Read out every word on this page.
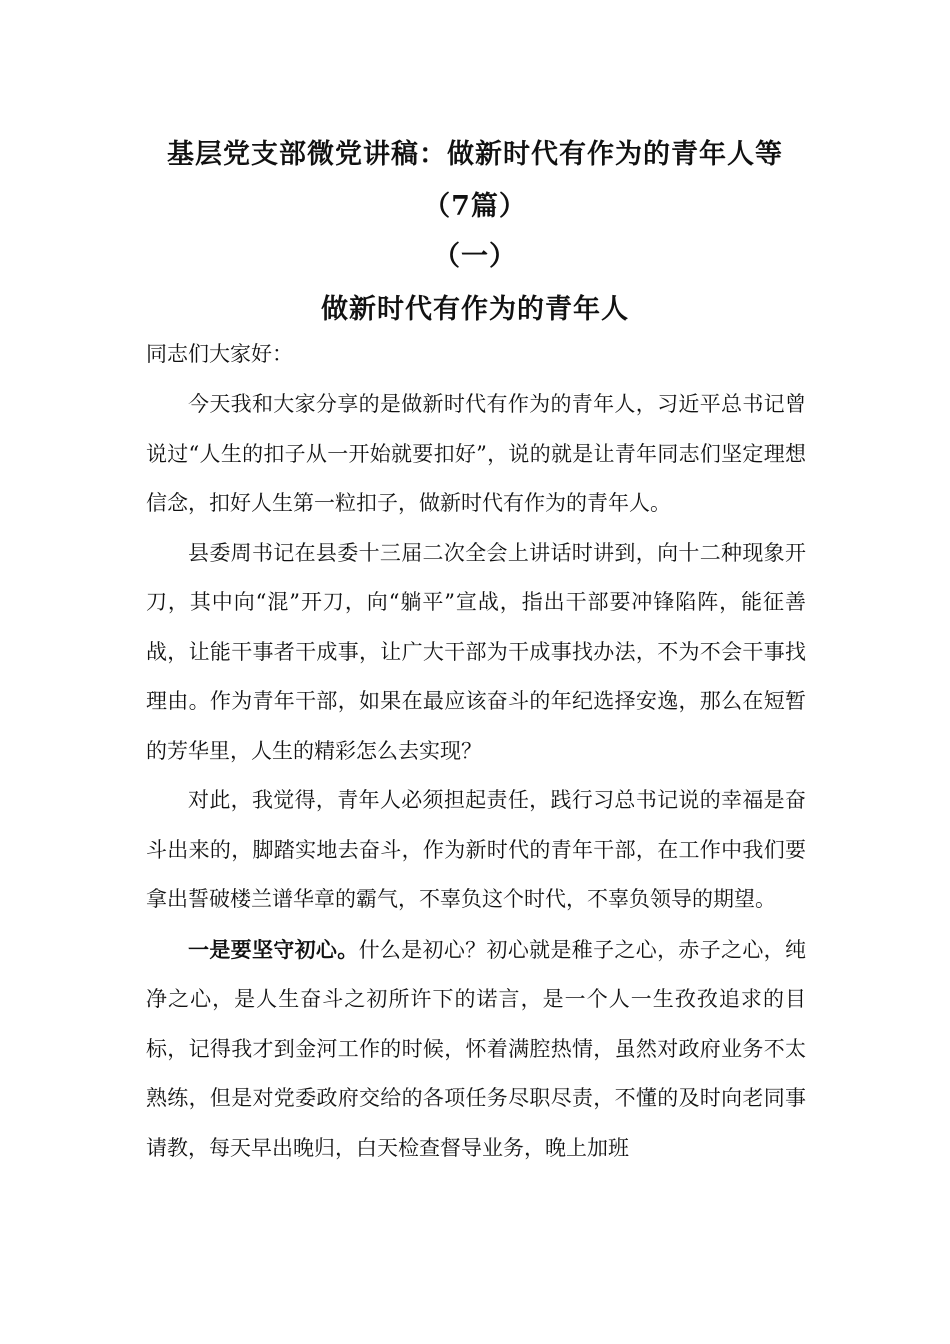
基层党支部微党讲稿：做新时代有作为的青年人等
（7篇）
（一）
做新时代有作为的青年人
同志们大家好：

今天我和大家分享的是做新时代有作为的青年人，习近平总书记曾说过“人生的扣子从一开始就要扣好”，说的就是让青年同志们坚定理想信念，扣好人生第一粒扣子，做新时代有作为的青年人。

县委周书记在县委十三届二次全会上讲话时讲到，向十二种现象开刀，其中向“混”开刀，向“躺平”宣战，指出干部要冲锋陷阵，能征善战，让能干事者干成事，让广大干部为干成事找办法，不为不会干事找理由。作为青年干部，如果在最应该奋斗的年纪选择安逸，那么在短暂的芳华里，人生的精彩怎么去实现？

对此，我觉得，青年人必须担起责任，践行习总书记说的幸福是奋斗出来的，脚踏实地去奋斗，作为新时代的青年干部，在工作中我们要拿出誓破楼兰谱华章的霸气，不辜负这个时代，不辜负领导的期望。

一是要坚守初心。什么是初心？初心就是稚子之心，赤子之心，纯净之心，是人生奋斗之初所许下的诺言，是一个人一生孜孜追求的目标，记得我才到金河工作的时候，怀着满腔热情，虽然对政府业务不太熟练，但是对党委政府交给的各项任务尽职尽责，不懂的及时向老同事请教，每天早出晚归，白天检查督导业务，晚上加班
